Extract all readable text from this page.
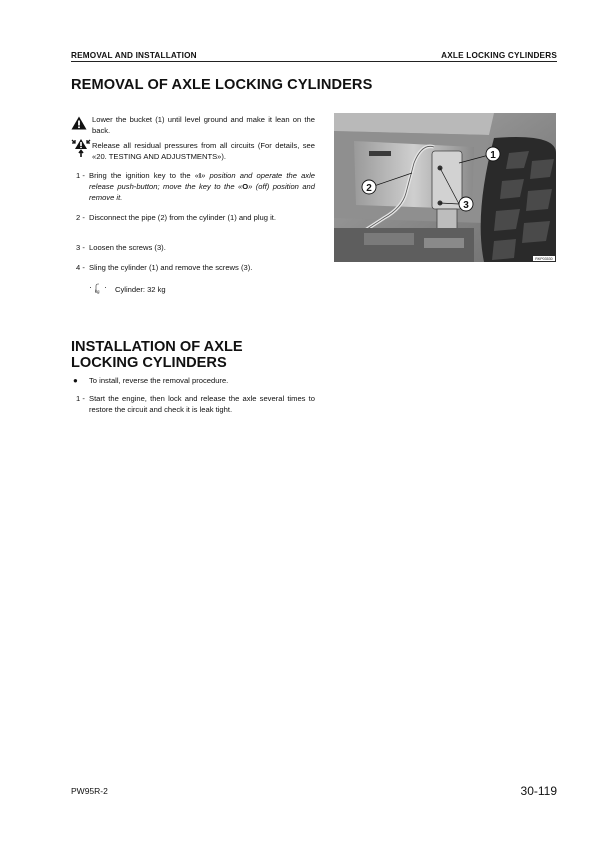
REMOVAL AND INSTALLATION	AXLE LOCKING CYLINDERS
REMOVAL OF AXLE LOCKING CYLINDERS
Lower the bucket (1) until level ground and make it lean on the back.
Release all residual pressures from all circuits (For details, see «20. TESTING AND ADJUSTMENTS»).
1 - Bring the ignition key to the «I» position and operate the axle release push-button; move the key to the «O» (off) position and remove it.
2 - Disconnect the pipe (2) from the cylinder (1) and plug it.
3 - Loosen the screws (3).
4 - Sling the cylinder (1) and remove the screws (3).
kg Cylinder: 32 kg
1
2
3
RKP03530
INSTALLATION OF AXLE
LOCKING CYLINDERS
● To install, reverse the removal procedure.
1 - Start the engine, then lock and release the axle several times to restore the circuit and check it is leak tight.
PW95R-2	30-119
